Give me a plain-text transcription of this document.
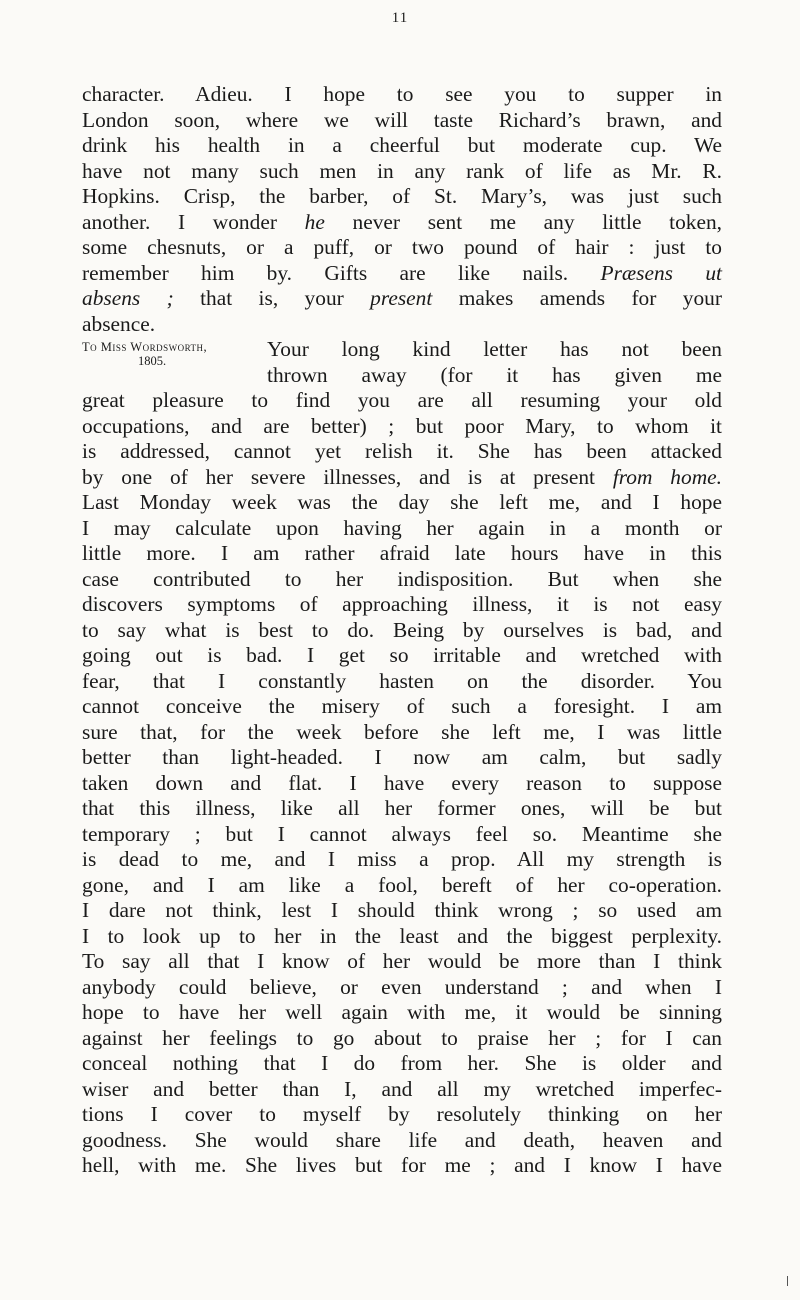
11
character. Adieu. I hope to see you to supper in
London soon, where we will taste Richard’s brawn, and
drink his health in a cheerful but moderate cup. We
have not many such men in any rank of life as Mr. R.
Hopkins. Crisp, the barber, of St. Mary’s, was just such
another. I wonder he never sent me any little token,
some chesnuts, or a puff, or two pound of hair : just to
remember him by. Gifts are like nails. Præsens ut
absens ; that is, your present makes amends for your
absence.
To Miss Wordsworth,
1805.	Your long kind letter has not been
thrown away (for it has given me
great pleasure to find you are all resuming your old
occupations, and are better) ; but poor Mary, to whom it
is addressed, cannot yet relish it. She has been attacked
by one of her severe illnesses, and is at present from home.
Last Monday week was the day she left me, and I hope
I may calculate upon having her again in a month or
little more. I am rather afraid late hours have in this
case contributed to her indisposition. But when she
discovers symptoms of approaching illness, it is not easy
to say what is best to do. Being by ourselves is bad, and
going out is bad. I get so irritable and wretched with
fear, that I constantly hasten on the disorder. You
cannot conceive the misery of such a foresight. I am
sure that, for the week before she left me, I was little
better than light-headed. I now am calm, but sadly
taken down and flat. I have every reason to suppose
that this illness, like all her former ones, will be but
temporary ; but I cannot always feel so. Meantime she
is dead to me, and I miss a prop. All my strength is
gone, and I am like a fool, bereft of her co-operation.
I dare not think, lest I should think wrong ; so used am
I to look up to her in the least and the biggest perplexity.
To say all that I know of her would be more than I think
anybody could believe, or even understand ; and when I
hope to have her well again with me, it would be sinning
against her feelings to go about to praise her ; for I can
conceal nothing that I do from her. She is older and
wiser and better than I, and all my wretched imperfec-
tions I cover to myself by resolutely thinking on her
goodness. She would share life and death, heaven and
hell, with me. She lives but for me ; and I know I have
